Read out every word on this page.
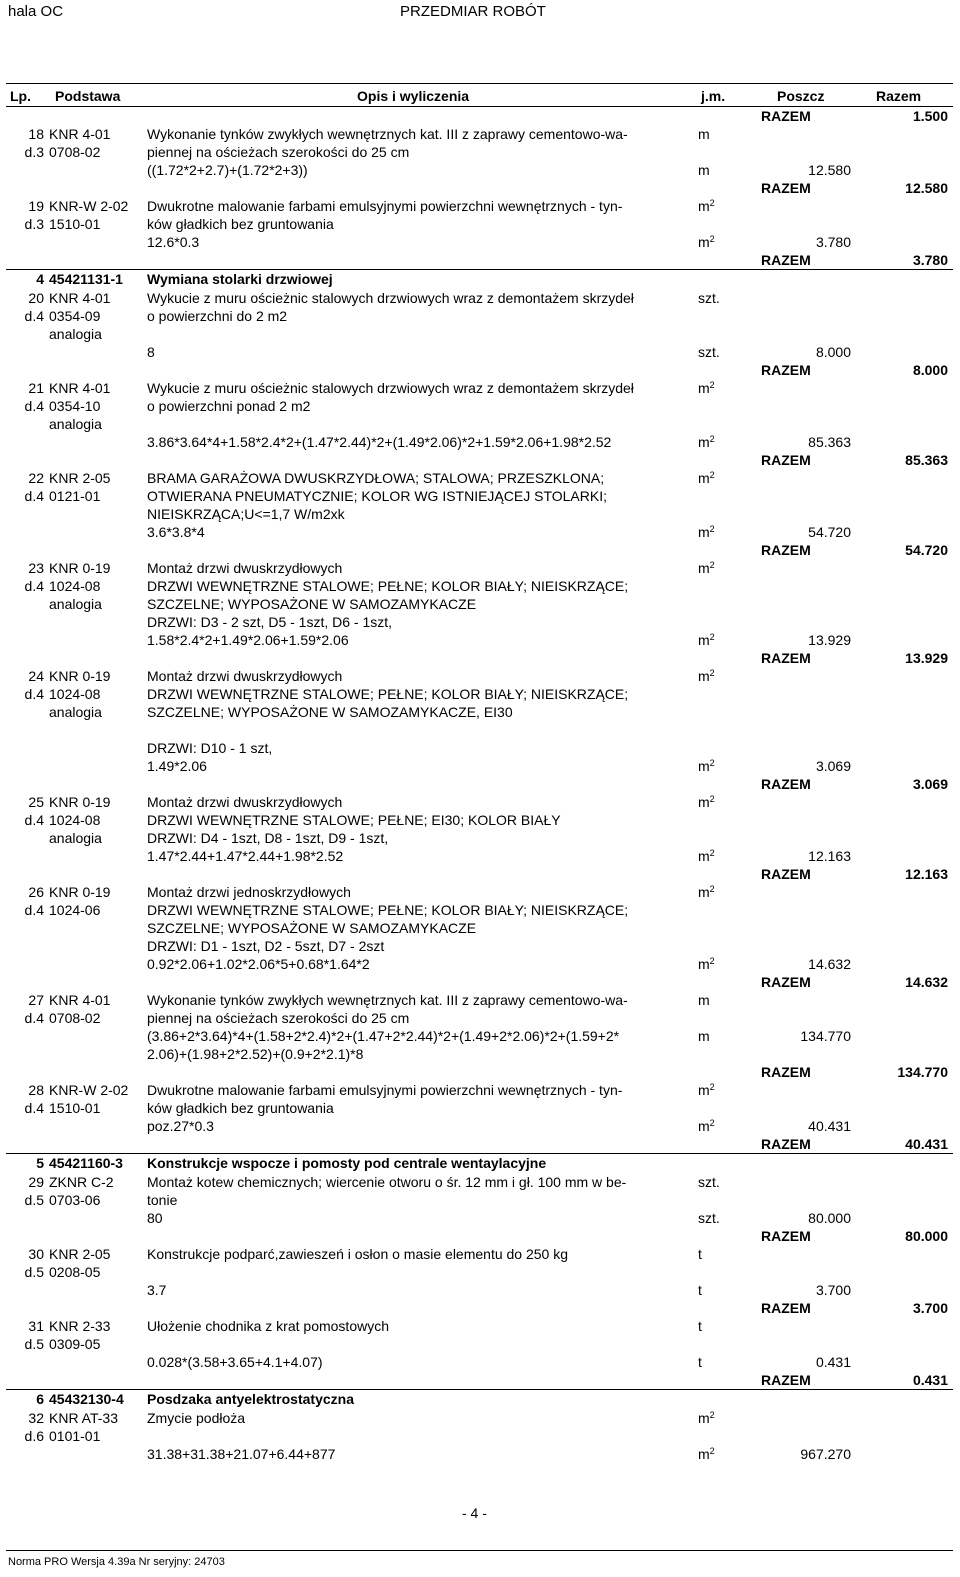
hala OC	PRZEDMIAR ROBÓT
Lp. Podstawa	Opis i wyliczenia	j.m.	Poszcz	Razem
RAZEM	1.500
18 KNR 4-01	Wykonanie tynków zwykłych wewnętrznych kat. III z zaprawy cementowo-wa-	m
d.3 0708-02	piennej na ościeżach szerokości do 25 cm
((1.72*2+2.7)+(1.72*2+3))	m	12.580
RAZEM	12.580
19 KNR-W 2-02 Dwukrotne malowanie farbami emulsyjnymi powierzchni wewnętrznych - tyn-	$m^2$
d.3 1510-01	ków gładkich bez gruntowania
12.6*0.3	$m^2$	3.780
RAZEM	3.780
4 45421131-1 Wymiana stolarki drzwiowej
20 KNR 4-01	Wykucie z muru ościeżnic stalowych drzwiowych wraz z demontażem skrzydeł	szt.
d.4 0354-09	o powierzchni do 2 m2
analogia
8	szt.	8.000
RAZEM	8.000
21 KNR 4-01	Wykucie z muru ościeżnic stalowych drzwiowych wraz z demontażem skrzydeł	$m^2$
d.4 0354-10	o powierzchni ponad 2 m2
analogia
3.86*3.64*4+1.58*2.4*2+(1.47*2.44)*2+(1.49*2.06)*2+1.59*2.06+1.98*2.52	$m^2$	85.363
RAZEM	85.363
22 KNR 2-05	BRAMA GARAŻOWA DWUSKRZYDŁOWA; STALOWA; PRZESZKLONA;	$m^2$
d.4 0121-01	OTWIERANA PNEUMATYCZNIE; KOLOR WG ISTNIEJĄCEJ STOLARKI;
NIEISKRZĄCA;U<=1,7 W/m2xk
3.6*3.8*4	$m^2$	54.720
RAZEM	54.720
23 KNR 0-19	Montaż drzwi dwuskrzydłowych	$m^2$
d.4 1024-08	DRZWI WEWNĘTRZNE STALOWE; PEŁNE; KOLOR BIAŁY; NIEISKRZĄCE;
analogia	SZCZELNE; WYPOSAŻONE W SAMOZAMYKACZE
DRZWI: D3 - 2 szt, D5 - 1szt, D6 - 1szt,
1.58*2.4*2+1.49*2.06+1.59*2.06	$m^2$	13.929
RAZEM	13.929
24 KNR 0-19	Montaż drzwi dwuskrzydłowych	$m^2$
d.4 1024-08	DRZWI WEWNĘTRZNE STALOWE; PEŁNE; KOLOR BIAŁY; NIEISKRZĄCE;
analogia	SZCZELNE; WYPOSAŻONE W SAMOZAMYKACZE, EI30
DRZWI: D10 - 1 szt,
1.49*2.06	$m^2$	3.069
RAZEM	3.069
25 KNR 0-19	Montaż drzwi dwuskrzydłowych	$m^2$
d.4 1024-08	DRZWI WEWNĘTRZNE STALOWE; PEŁNE; EI30; KOLOR BIAŁY
analogia	DRZWI: D4 - 1szt, D8 - 1szt, D9 - 1szt,
1.47*2.44+1.47*2.44+1.98*2.52	$m^2$	12.163
RAZEM	12.163
26 KNR 0-19	Montaż drzwi jednoskrzydłowych	$m^2$
d.4 1024-06	DRZWI WEWNĘTRZNE STALOWE; PEŁNE; KOLOR BIAŁY; NIEISKRZĄCE;
SZCZELNE; WYPOSAŻONE W SAMOZAMYKACZE
DRZWI: D1 - 1szt, D2 - 5szt, D7 - 2szt
0.92*2.06+1.02*2.06*5+0.68*1.64*2	$m^2$	14.632
RAZEM	14.632
27 KNR 4-01	Wykonanie tynków zwykłych wewnętrznych kat. III z zaprawy cementowo-wa-	m
d.4 0708-02	piennej na ościeżach szerokości do 25 cm
(3.86+2*3.64)*4+(1.58+2*2.4)*2+(1.47+2*2.44)*2+(1.49+2*2.06)*2+(1.59+2*	m	134.770
2.06)+(1.98+2*2.52)+(0.9+2*2.1)*8
RAZEM	134.770
28 KNR-W 2-02 Dwukrotne malowanie farbami emulsyjnymi powierzchni wewnętrznych - tyn-	$m^2$
d.4 1510-01	ków gładkich bez gruntowania
poz.27*0.3	$m^2$	40.431
RAZEM	40.431
5 45421160-3 Konstrukcje wspocze i pomosty pod centrale wentaylacyjne
29 ZKNR C-2 Montaż kotew chemicznych; wiercenie otworu o śr. 12 mm i gł. 100 mm w be-	szt.
d.5 0703-06	tonie
80	szt.	80.000
RAZEM	80.000
30 KNR 2-05	Konstrukcje podparć,zawieszeń i osłon o masie elementu do 250 kg	t
d.5 0208-05
3.7	t	3.700
RAZEM	3.700
31 KNR 2-33	Ułożenie chodnika z krat pomostowych	t
d.5 0309-05
0.028*(3.58+3.65+4.1+4.07)	t	0.431
RAZEM	0.431
6 45432130-4 Posdzaka antyelektrostatyczna
32 KNR AT-33 Zmycie podłoża	$m^2$
d.6 0101-01
31.38+31.38+21.07+6.44+877	$m^2$	967.270
- 4 -
Norma PRO Wersja 4.39a Nr seryjny: 24703
